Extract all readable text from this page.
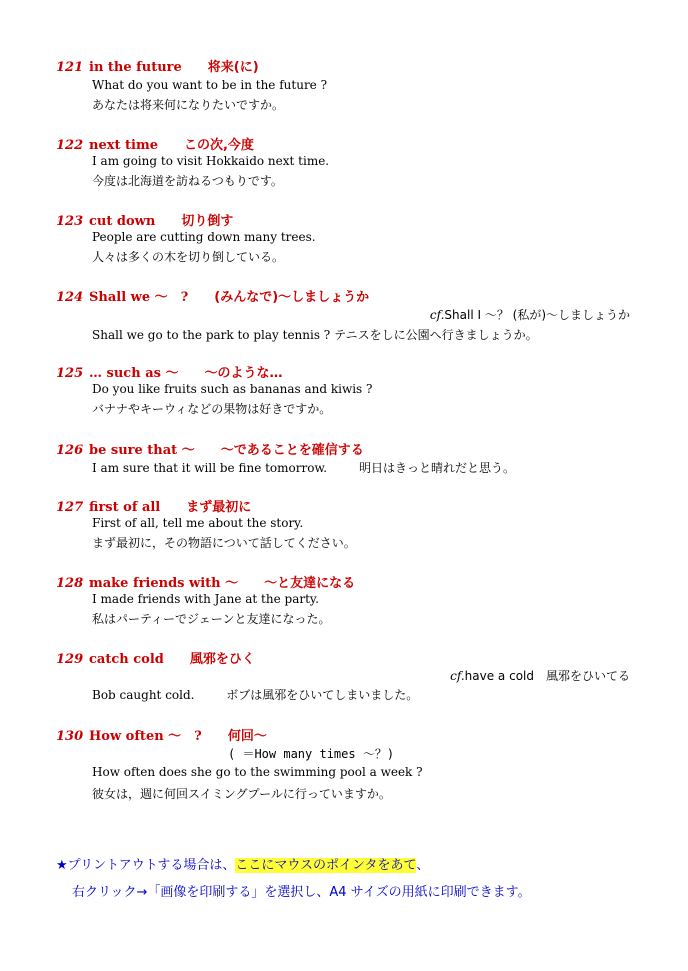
121 in the future 将来(に)
What do you want to be in the future ?
あなたは将来何になりたいですか。
122 next time この次,今度
I am going to visit Hokkaido next time.
今度は北海道を訪ねるつもりです。
123 cut down 切り倒す
People are cutting down many trees.
人々は多くの木を切り倒している。
124 Shall we ～　? (みんなで)～しましょうか
cf.Shall I ～？ (私が)～しましょうか
Shall we go to the park to play tennis ? テニスをしに公園へ行きましょうか。
125 … such as ～ ～のような…
Do you like fruits such as bananas and kiwis ?
バナナやキーウィなどの果物は好きですか。
126 be sure that ～ ～であることを確信する
I am sure that it will be fine tomorrow.	明日はきっと晴れだと思う。
127 first of all まず最初に
First of all, tell me about the story.
まず最初に，その物語について話してください。
128 make friends with ～ ～と友達になる
I made friends with Jane at the party.
私はパーティーでジェーンと友達になった。
129 catch cold 風邪をひく
cf.have a cold　風邪をひいてる
Bob caught cold.	ボブは風邪をひいてしまいました。
130 How often ～　? 何回～
( ＝How many times ～？)
How often does she go to the swimming pool a week ?
彼女は，週に何回スイミングプールに行っていますか。
★プリントアウトする場合は、ここにマウスのポインタをあて、
右クリック→「画像を印刷する」を選択し、A4 サイズの用紙に印刷できます。
